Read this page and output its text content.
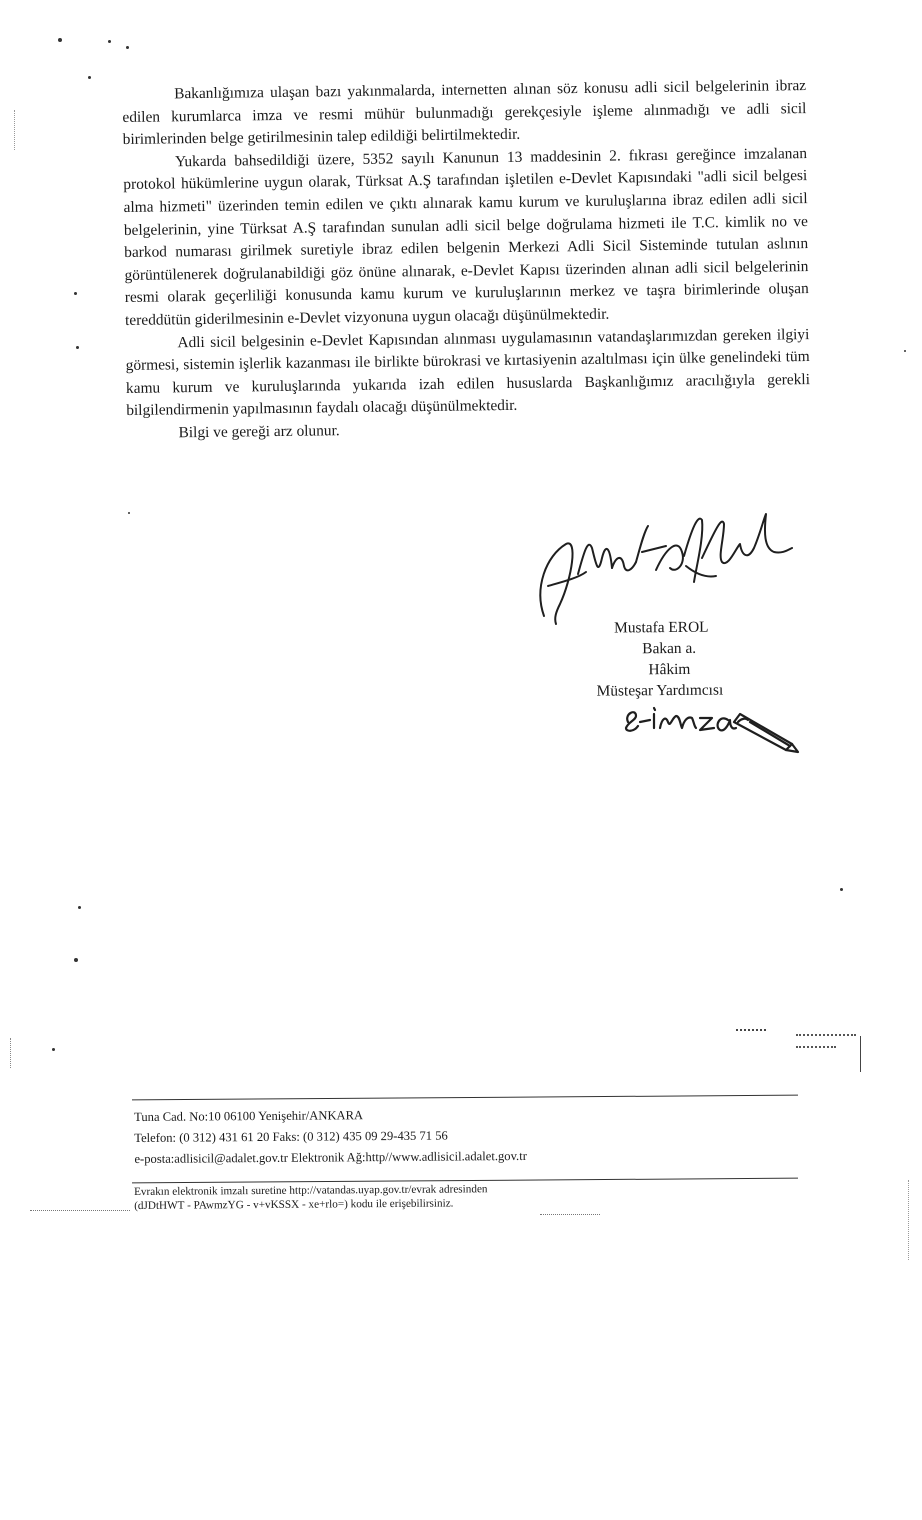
Bakanlığımıza ulaşan bazı yakınmalarda, internetten alınan söz konusu adli sicil belgelerinin ibraz edilen kurumlarca imza ve resmi mühür bulunmadığı gerekçesiyle işleme alınmadığı ve adli sicil birimlerinden belge getirilmesinin talep edildiği belirtilmektedir.

Yukarda bahsedildiği üzere, 5352 sayılı Kanunun 13 maddesinin 2. fıkrası gereğince imzalanan protokol hükümlerine uygun olarak, Türksat A.Ş tarafından işletilen e-Devlet Kapısındaki "adli sicil belgesi alma hizmeti" üzerinden temin edilen ve çıktı alınarak kamu kurum ve kuruluşlarına ibraz edilen adli sicil belgelerinin, yine Türksat A.Ş tarafından sunulan adli sicil belge doğrulama hizmeti ile T.C. kimlik no ve barkod numarası girilmek suretiyle ibraz edilen belgenin Merkezi Adli Sicil Sisteminde tutulan aslının görüntülenerek doğrulanabildiği göz önüne alınarak, e-Devlet Kapısı üzerinden alınan adli sicil belgelerinin resmi olarak geçerliliği konusunda kamu kurum ve kuruluşlarının merkez ve taşra birimlerinde oluşan tereddütün giderilmesinin e-Devlet vizyonuna uygun olacağı düşünülmektedir.

Adli sicil belgesinin e-Devlet Kapısından alınması uygulamasının vatandaşlarımızdan gereken ilgiyi görmesi, sistemin işlerlik kazanması ile birlikte bürokrasi ve kırtasiyenin azaltılması için ülke genelindeki tüm kamu kurum ve kuruluşlarında yukarıda izah edilen hususlarda Başkanlığımız aracılığıyla gerekli bilgilendirmenin yapılmasının faydalı olacağı düşünülmektedir.

Bilgi ve gereği arz olunur.

Mustafa EROL
Bakan a.
Hâkim
Müsteşar Yardımcısı
Tuna Cad. No:10 06100 Yenişehir/ANKARA
Telefon: (0 312) 431 61 20 Faks: (0 312) 435 09 29-435 71 56
e-posta:adlisicil@adalet.gov.tr Elektronik Ağ:http//www.adlisicil.adalet.gov.tr
Evrakın elektronik imzalı suretine http://vatandas.uyap.gov.tr/evrak adresinden
(dJDtHWT - PAwmzYG - v+vKSSX - xe+rlo=) kodu ile erişebilirsiniz.
